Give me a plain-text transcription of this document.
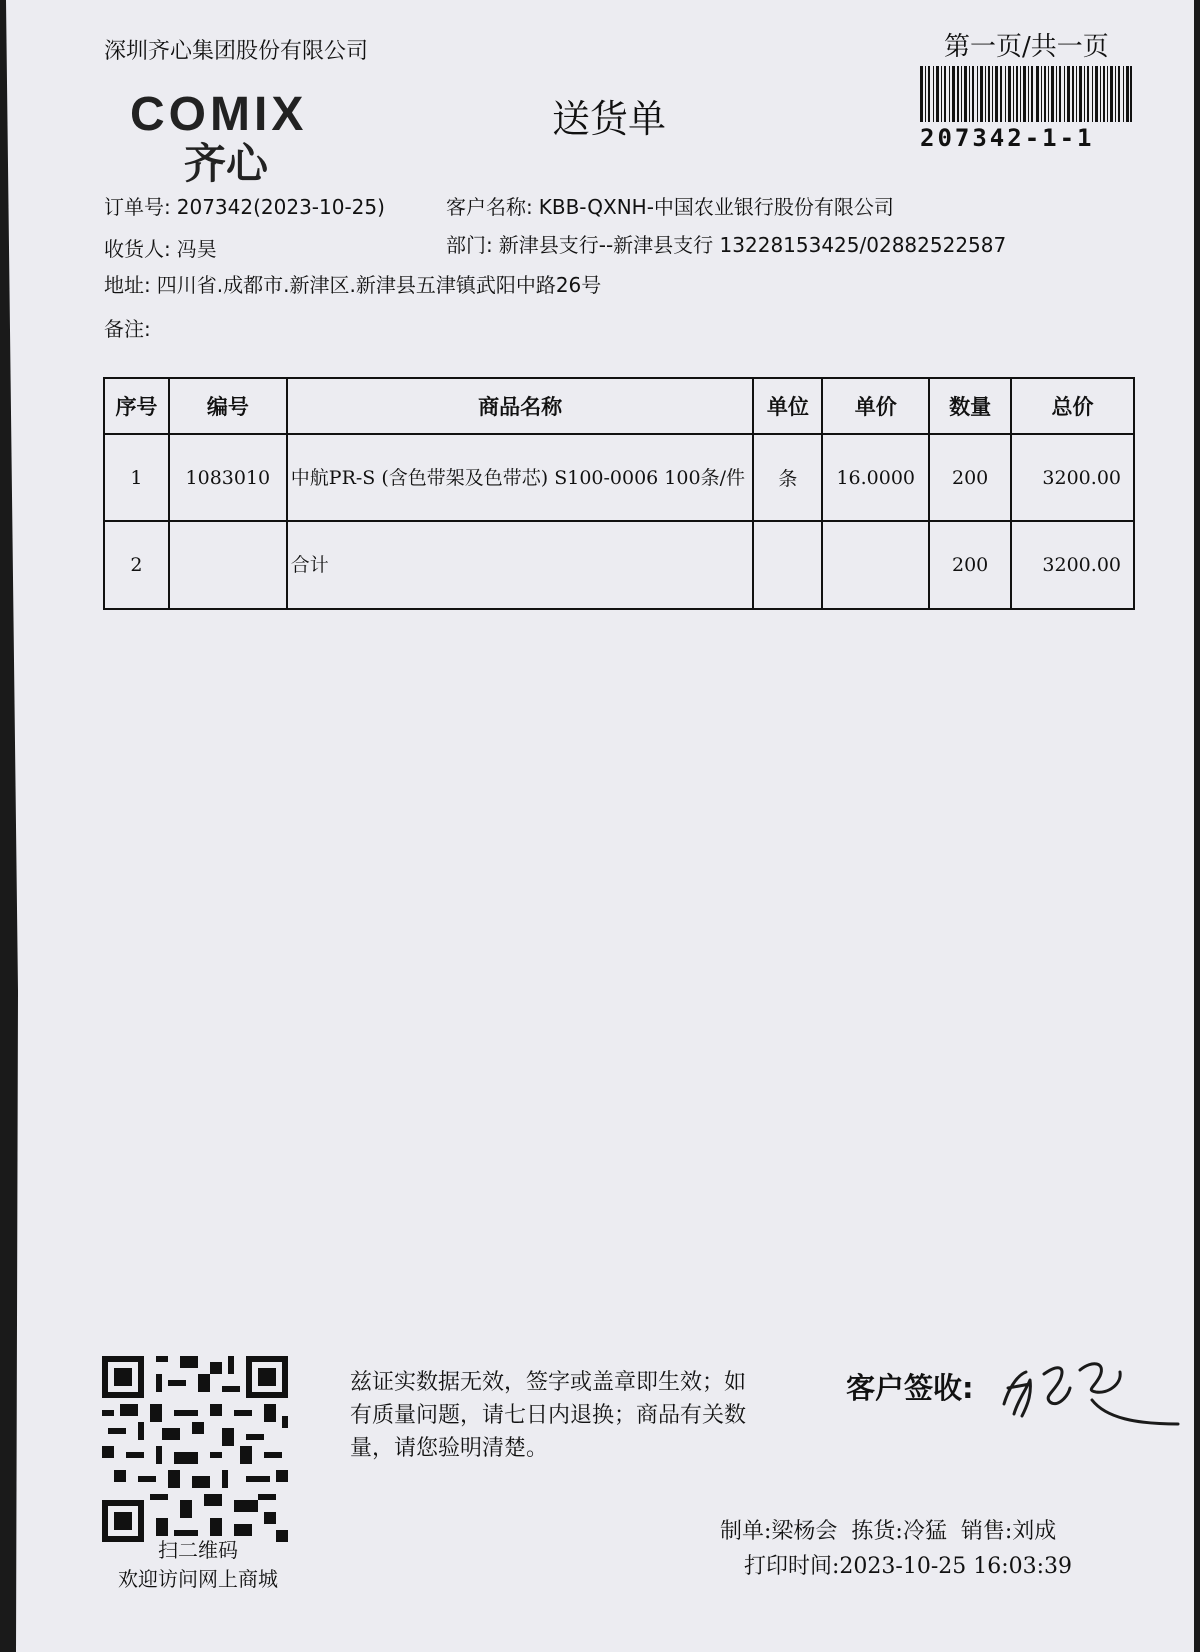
深圳齐心集团股份有限公司	第一页/共一页
207342-1-1
COMIX
齐心
送货单
订单号: 207342(2023-10-25)	客户名称: KBB-QXNH-中国农业银行股份有限公司
收货人: 冯昊	部门: 新津县支行--新津县支行 13228153425/02882522587
地址: 四川省.成都市.新津区.新津县五津镇武阳中路26号
备注:
序号	编号	商品名称	单位	单价	数量	总价
1	1083010	中航PR-S (含色带架及色带芯) S100-0006 100条/件	条	16.0000	200	3200.00
2		合计			200	3200.00
扫二维码
欢迎访问网上商城
兹证实数据无效，签字或盖章即生效；如有质量问题，请七日内退换；商品有关数量，请您验明清楚。
客户签收:
制单:梁杨会 拣货:冷猛 销售:刘成
打印时间:2023-10-25 16:03:39
